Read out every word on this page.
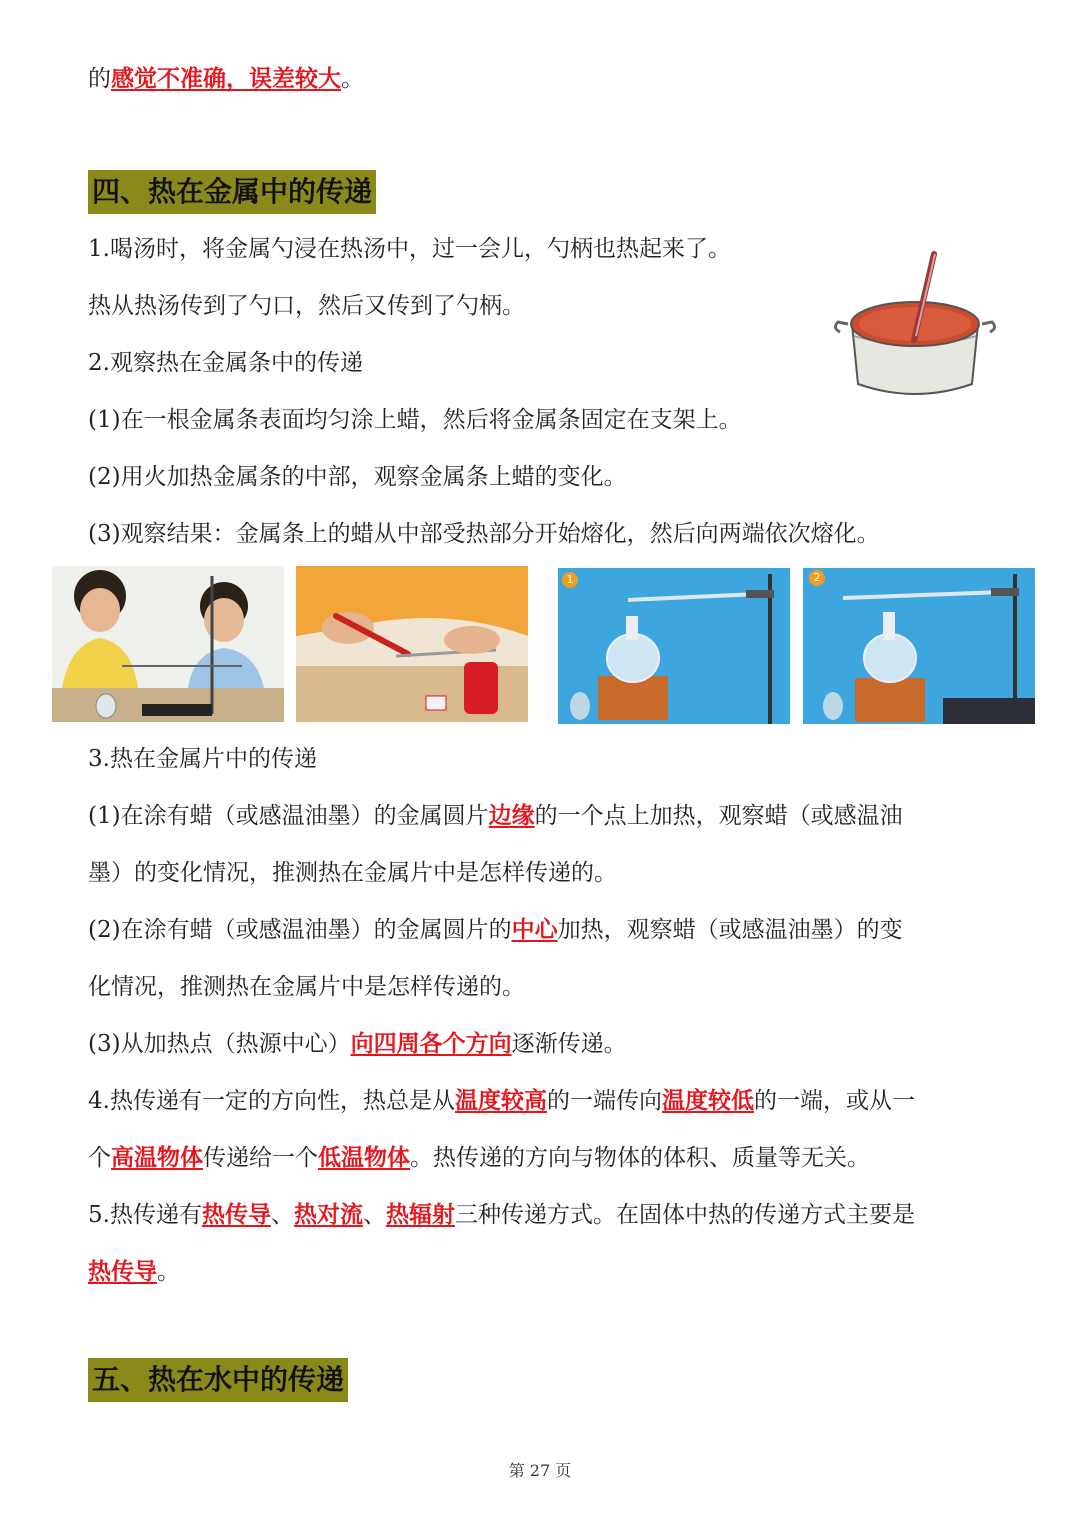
的感觉不准确，误差较大。
四、热在金属中的传递
1.喝汤时，将金属勺浸在热汤中，过一会儿，勺柄也热起来了。
热从热汤传到了勺口，然后又传到了勺柄。
2.观察热在金属条中的传递
(1)在一根金属条表面均匀涂上蜡，然后将金属条固定在支架上。
(2)用火加热金属条的中部，观察金属条上蜡的变化。
(3)观察结果：金属条上的蜡从中部受热部分开始熔化，然后向两端依次熔化。
1	2
3.热在金属片中的传递
(1)在涂有蜡（或感温油墨）的金属圆片边缘的一个点上加热，观察蜡（或感温油
墨）的变化情况，推测热在金属片中是怎样传递的。
(2)在涂有蜡（或感温油墨）的金属圆片的中心加热，观察蜡（或感温油墨）的变
化情况，推测热在金属片中是怎样传递的。
(3)从加热点（热源中心）向四周各个方向逐渐传递。
4.热传递有一定的方向性，热总是从温度较高的一端传向温度较低的一端，或从一
个高温物体传递给一个低温物体。热传递的方向与物体的体积、质量等无关。
5.热传递有热传导、热对流、热辐射三种传递方式。在固体中热的传递方式主要是
热传导。
五、热在水中的传递
第 27 页
